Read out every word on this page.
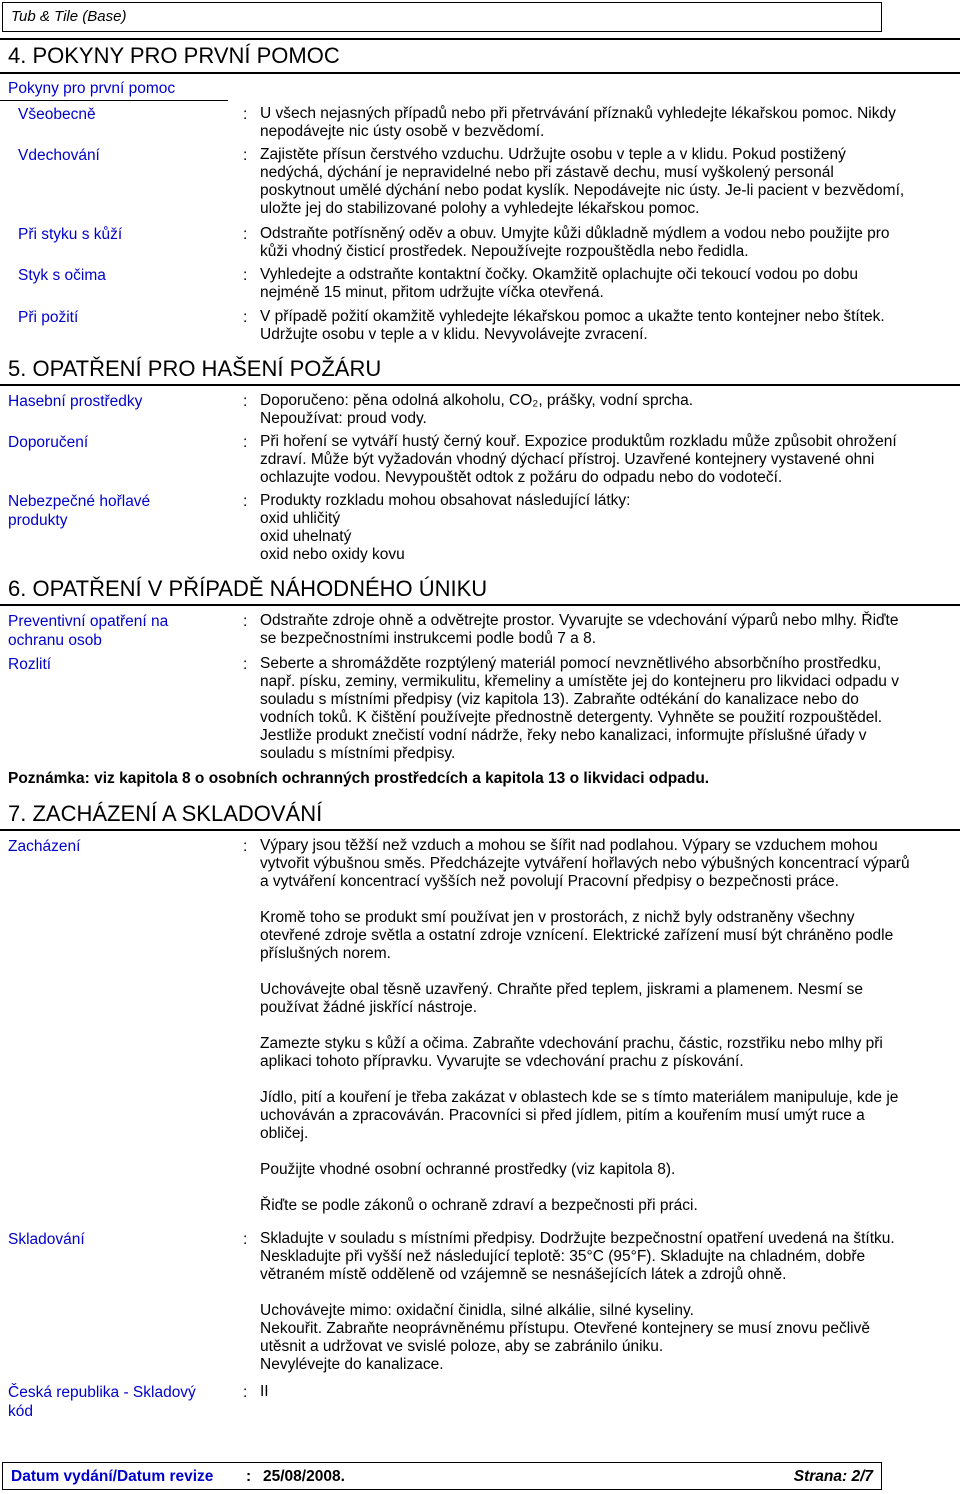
Tub & Tile (Base)
4. POKYNY PRO PRVNÍ POMOC
Pokyny pro první pomoc
Všeobecně	: U všech nejasných případů nebo při přetrvávání příznaků vyhledejte lékařskou pomoc. Nikdy
nepodávejte nic ústy osobě v bezvědomí.
Vdechování	: Zajistěte přísun čerstvého vzduchu. Udržujte osobu v teple a v klidu. Pokud postižený
nedýchá, dýchání je nepravidelné nebo při zástavě dechu, musí vyškolený personál
poskytnout umělé dýchání nebo podat kyslík. Nepodávejte nic ústy. Je-li pacient v bezvědomí,
uložte jej do stabilizované polohy a vyhledejte lékařskou pomoc.
Při styku s kůží	: Odstraňte potřísněný oděv a obuv. Umyjte kůži důkladně mýdlem a vodou nebo použijte pro
kůži vhodný čisticí prostředek. Nepoužívejte rozpouštědla nebo ředidla.
Styk s očima	: Vyhledejte a odstraňte kontaktní čočky. Okamžitě oplachujte oči tekoucí vodou po dobu
nejméně 15 minut, přitom udržujte víčka otevřená.
Při požití	: V případě požití okamžitě vyhledejte lékařskou pomoc a ukažte tento kontejner nebo štítek.
Udržujte osobu v teple a v klidu. Nevyvolávejte zvracení.
5. OPATŘENÍ PRO HAŠENÍ POŽÁRU
Hasební prostředky	: Doporučeno: pěna odolná alkoholu, CO₂, prášky, vodní sprcha.
Nepoužívat: proud vody.
Doporučení	: Při hoření se vytváří hustý černý kouř. Expozice produktům rozkladu může způsobit ohrožení
zdraví. Může být vyžadován vhodný dýchací přístroj. Uzavřené kontejnery vystavené ohni
ochlazujte vodou. Nevypouštět odtok z požáru do odpadu nebo do vodotečí.
Nebezpečné hořlavé
produkty
: Produkty rozkladu mohou obsahovat následující látky:
oxid uhličitý
oxid uhelnatý
oxid nebo oxidy kovu
6. OPATŘENÍ V PŘÍPADĚ NÁHODNÉHO ÚNIKU
Preventivní opatření na
ochranu osob
: Odstraňte zdroje ohně a odvětrejte prostor. Vyvarujte se vdechování výparů nebo mlhy. Řiďte
se bezpečnostními instrukcemi podle bodů 7 a 8.
Rozlití	: Seberte a shromážděte rozptýlený materiál pomocí nevznětlivého absorbčního prostředku,
např. písku, zeminy, vermikulitu, křemeliny a umístěte jej do kontejneru pro likvidaci odpadu v
souladu s místními předpisy (viz kapitola 13). Zabraňte odtékání do kanalizace nebo do
vodních toků. K čištění používejte přednostně detergenty. Vyhněte se použití rozpouštědel.
Jestliže produkt znečistí vodní nádrže, řeky nebo kanalizaci, informujte příslušné úřady v
souladu s místními předpisy.
Poznámka: viz kapitola 8 o osobních ochranných prostředcích a kapitola 13 o likvidaci odpadu.
7. ZACHÁZENÍ A SKLADOVÁNÍ
Zacházení	: Výpary jsou těžší než vzduch a mohou se šířit nad podlahou. Výpary se vzduchem mohou
vytvořit výbušnou směs. Předcházejte vytváření hořlavých nebo výbušných koncentrací výparů
a vytváření koncentrací vyšších než povolují Pracovní předpisy o bezpečnosti práce.

Kromě toho se produkt smí používat jen v prostorách, z nichž byly odstraněny všechny
otevřené zdroje světla a ostatní zdroje vznícení. Elektrické zařízení musí být chráněno podle
příslušných norem.

Uchovávejte obal těsně uzavřený. Chraňte před teplem, jiskrami a plamenem. Nesmí se
používat žádné jiskřící nástroje.

Zamezte styku s kůží a očima. Zabraňte vdechování prachu, částic, rozstřiku nebo mlhy při
aplikaci tohoto přípravku. Vyvarujte se vdechování prachu z pískování.

Jídlo, pití a kouření je třeba zakázat v oblastech kde se s tímto materiálem manipuluje, kde je
uchováván a zpracováván. Pracovníci si před jídlem, pitím a kouřením musí umýt ruce a
obličej.

Použijte vhodné osobní ochranné prostředky (viz kapitola 8).

Řiďte se podle zákonů o ochraně zdraví a bezpečnosti při práci.
Skladování	: Skladujte v souladu s místními předpisy. Dodržujte bezpečnostní opatření uvedená na štítku.
Neskladujte při vyšší než následující teplotě: 35°C (95°F). Skladujte na chladném, dobře
větraném místě odděleně od vzájemně se nesnášejících látek a zdrojů ohně.

Uchovávejte mimo: oxidační činidla, silné alkálie, silné kyseliny.
Nekouřit. Zabraňte neoprávněnému přístupu. Otevřené kontejnery se musí znovu pečlivě
utěsnit a udržovat ve svislé poloze, aby se zabránilo úniku.
Nevylévejte do kanalizace.
Česká republika - Skladový
kód
: II
Datum vydání/Datum revize : 25/08/2008.	Strana: 2/7
